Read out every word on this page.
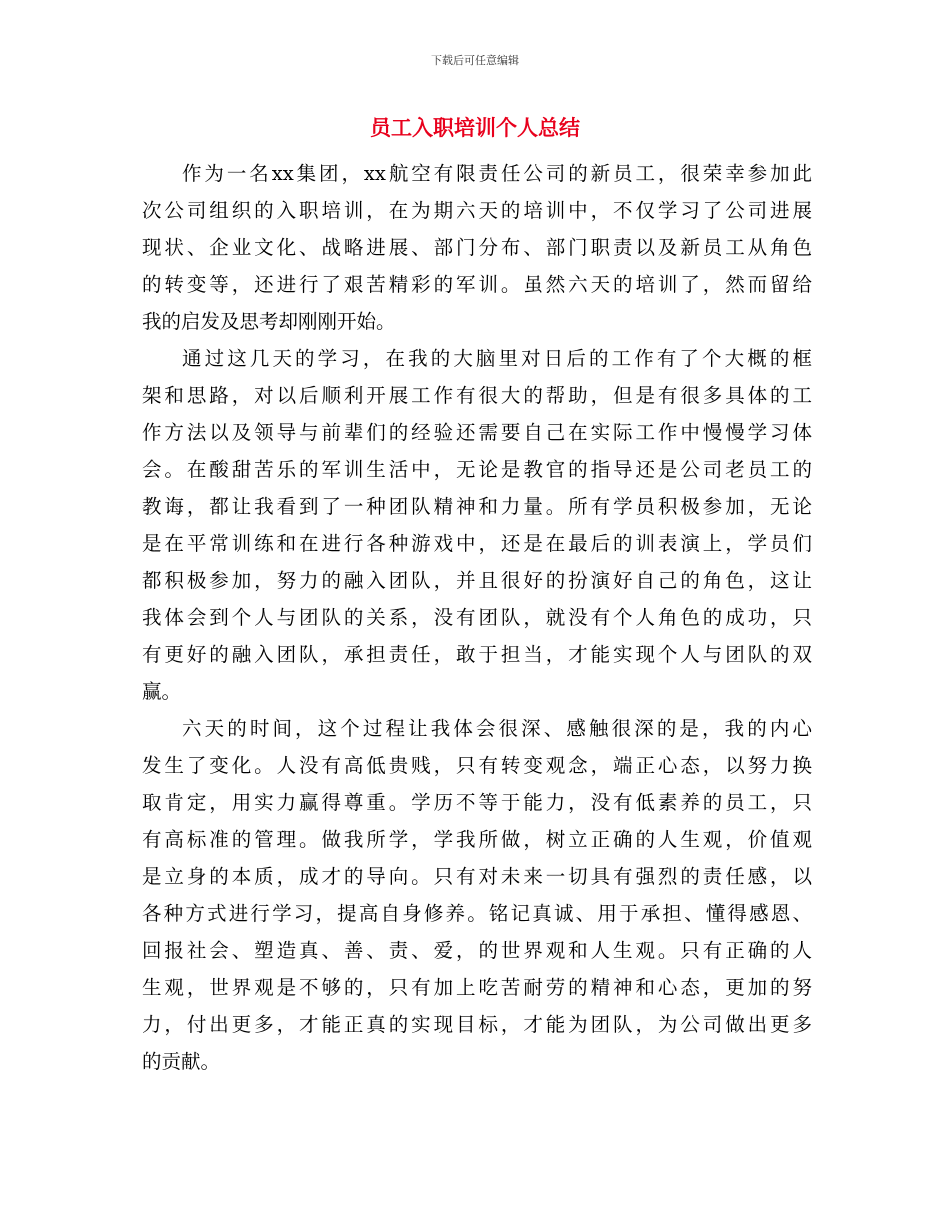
下载后可任意编辑
员工入职培训个人总结
作为一名xx集团，xx航空有限责任公司的新员工，很荣幸参加此
次公司组织的入职培训，在为期六天的培训中，不仅学习了公司进展
现状、企业文化、战略进展、部门分布、部门职责以及新员工从角色
的转变等，还进行了艰苦精彩的军训。虽然六天的培训了，然而留给
我的启发及思考却刚刚开始。
通过这几天的学习，在我的大脑里对日后的工作有了个大概的框
架和思路，对以后顺利开展工作有很大的帮助，但是有很多具体的工
作方法以及领导与前辈们的经验还需要自己在实际工作中慢慢学习体
会。在酸甜苦乐的军训生活中，无论是教官的指导还是公司老员工的
教诲，都让我看到了一种团队精神和力量。所有学员积极参加，无论
是在平常训练和在进行各种游戏中，还是在最后的训表演上，学员们
都积极参加，努力的融入团队，并且很好的扮演好自己的角色，这让
我体会到个人与团队的关系，没有团队，就没有个人角色的成功，只
有更好的融入团队，承担责任，敢于担当，才能实现个人与团队的双
赢。
六天的时间，这个过程让我体会很深、感触很深的是，我的内心
发生了变化。人没有高低贵贱，只有转变观念，端正心态，以努力换
取肯定，用实力赢得尊重。学历不等于能力，没有低素养的员工，只
有高标准的管理。做我所学，学我所做，树立正确的人生观，价值观
是立身的本质，成才的导向。只有对未来一切具有强烈的责任感，以
各种方式进行学习，提高自身修养。铭记真诚、用于承担、懂得感恩、
回报社会、塑造真、善、责、爱，的世界观和人生观。只有正确的人
生观，世界观是不够的，只有加上吃苦耐劳的精神和心态，更加的努
力，付出更多，才能正真的实现目标，才能为团队，为公司做出更多
的贡献。
